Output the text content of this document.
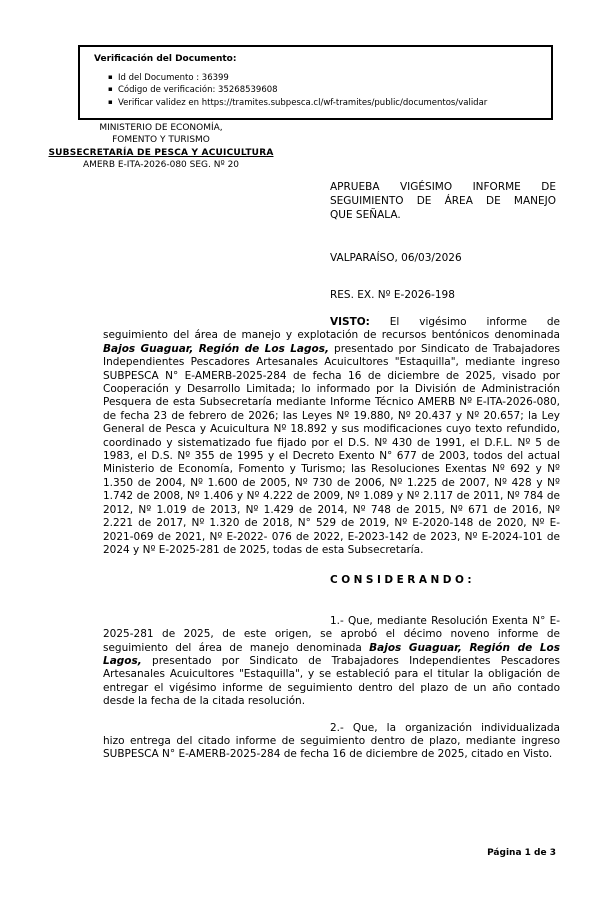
Verificación del Documento:
▪ Id del Documento : 36399
▪ Código de verificación: 35268539608
▪ Verificar validez en https://tramites.subpesca.cl/wf-tramites/public/documentos/validar
MINISTERIO DE ECONOMÍA,
FOMENTO Y TURISMO
SUBSECRETARÍA DE PESCA Y ACUICULTURA
AMERB E-ITA-2026-080 SEG. Nº 20
APRUEBA VIGÉSIMO INFORME DE
SEGUIMIENTO DE ÁREA DE MANEJO
QUE SEÑALA.
VALPARAÍSO, 06/03/2026
RES. EX. Nº E-2026-198

VISTO: El vigésimo informe de seguimiento del área de manejo y explotación de recursos bentónicos denominada Bajos Guaguar, Región de Los Lagos, presentado por Sindicato de Trabajadores Independientes Pescadores Artesanales Acuicultores "Estaquilla", mediante ingreso SUBPESCA N° E-AMERB-2025-284 de fecha 16 de diciembre de 2025, visado por Cooperación y Desarrollo Limitada; lo informado por la División de Administración Pesquera de esta Subsecretaría mediante Informe Técnico AMERB Nº E-ITA-2026-080, de fecha 23 de febrero de 2026; las Leyes Nº 19.880, Nº 20.437 y Nº 20.657; la Ley General de Pesca y Acuicultura Nº 18.892 y sus modificaciones cuyo texto refundido, coordinado y sistematizado fue fijado por el D.S. Nº 430 de 1991, el D.F.L. Nº 5 de 1983, el D.S. Nº 355 de 1995 y el Decreto Exento N° 677 de 2003, todos del actual Ministerio de Economía, Fomento y Turismo; las Resoluciones Exentas Nº 692 y Nº 1.350 de 2004, Nº 1.600 de 2005, Nº 730 de 2006, Nº 1.225 de 2007, Nº 428 y Nº 1.742 de 2008, Nº 1.406 y Nº 4.222 de 2009, Nº 1.089 y Nº 2.117 de 2011, Nº 784 de 2012, Nº 1.019 de 2013, Nº 1.429 de 2014, Nº 748 de 2015, Nº 671 de 2016, Nº 2.221 de 2017, Nº 1.320 de 2018, N° 529 de 2019, Nº E-2020-148 de 2020, Nº E-2021-069 de 2021, Nº E-2022- 076 de 2022, E-2023-142 de 2023, Nº E-2024-101 de 2024 y Nº E-2025-281 de 2025, todas de esta Subsecretaría.

CONSIDERANDO:

1.- Que, mediante Resolución Exenta N° E-2025-281 de 2025, de este origen, se aprobó el décimo noveno informe de seguimiento del área de manejo denominada Bajos Guaguar, Región de Los Lagos, presentado por Sindicato de Trabajadores Independientes Pescadores Artesanales Acuicultores "Estaquilla", y se estableció para el titular la obligación de entregar el vigésimo informe de seguimiento dentro del plazo de un año contado desde la fecha de la citada resolución.

2.- Que, la organización individualizada hizo entrega del citado informe de seguimiento dentro de plazo, mediante ingreso SUBPESCA N° E-AMERB-2025-284 de fecha 16 de diciembre de 2025, citado en Visto.

Página 1 de 3
